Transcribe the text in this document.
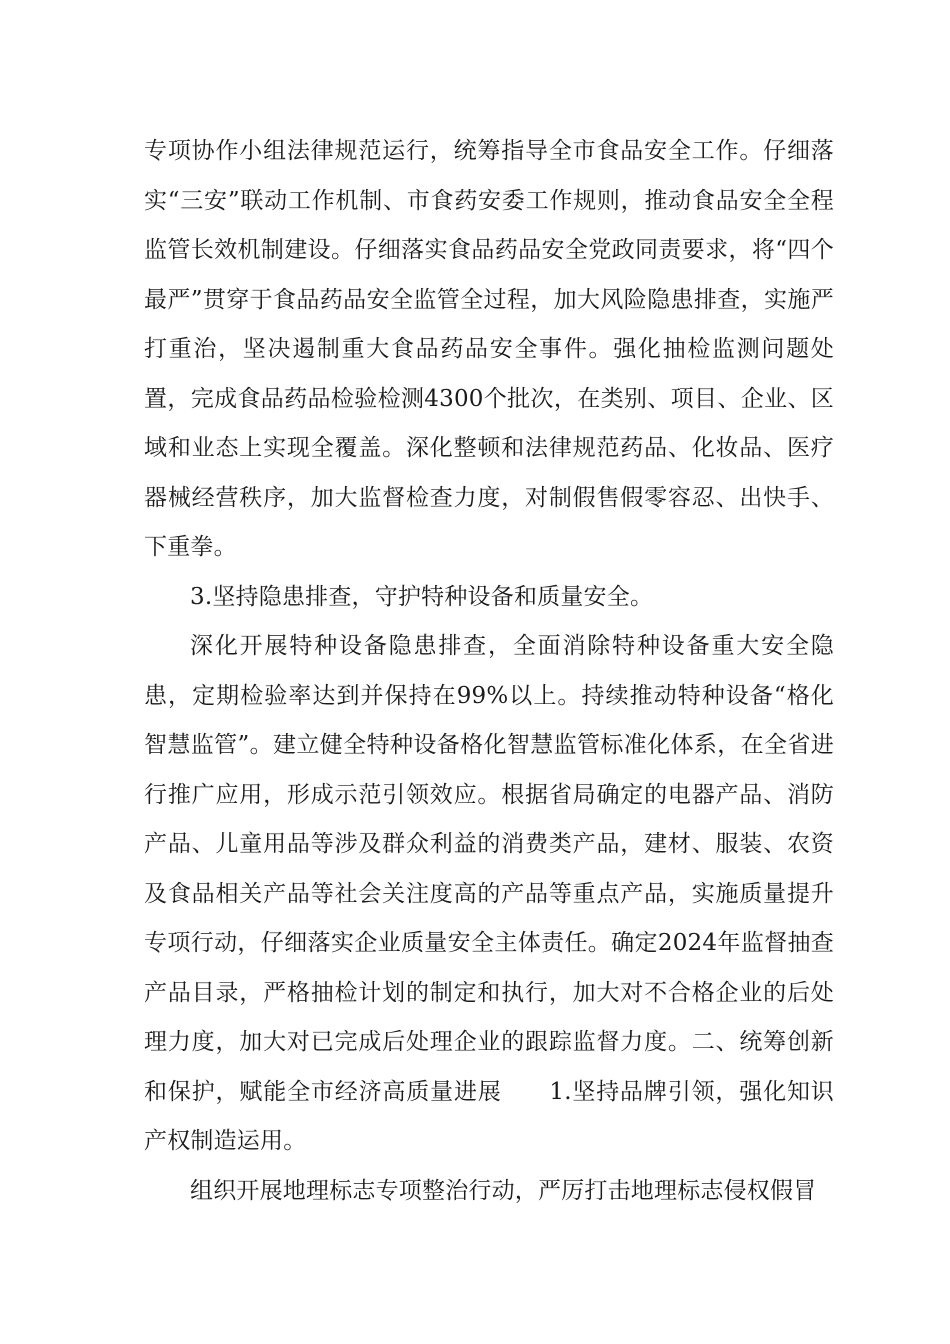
专项协作小组法律规范运行，统筹指导全市食品安全工作。仔细落实“三安”联动工作机制、市食药安委工作规则，推动食品安全全程监管长效机制建设。仔细落实食品药品安全党政同责要求，将“四个最严”贯穿于食品药品安全监管全过程，加大风险隐患排查，实施严打重治，坚决遏制重大食品药品安全事件。强化抽检监测问题处置，完成食品药品检验检测4300个批次，在类别、项目、企业、区域和业态上实现全覆盖。深化整顿和法律规范药品、化妆品、医疗器械经营秩序，加大监督检查力度，对制假售假零容忍、出快手、下重拳。

3.坚持隐患排查，守护特种设备和质量安全。

深化开展特种设备隐患排查，全面消除特种设备重大安全隐患，定期检验率达到并保持在99%以上。持续推动特种设备“格化智慧监管”。建立健全特种设备格化智慧监管标准化体系，在全省进行推广应用，形成示范引领效应。根据省局确定的电器产品、消防产品、儿童用品等涉及群众利益的消费类产品，建材、服装、农资及食品相关产品等社会关注度高的产品等重点产品，实施质量提升专项行动，仔细落实企业质量安全主体责任。确定2024年监督抽查产品目录，严格抽检计划的制定和执行，加大对不合格企业的后处理力度，加大对已完成后处理企业的跟踪监督力度。二、统筹创新和保护，赋能全市经济高质量进展　　1.坚持品牌引领，强化知识产权制造运用。

组织开展地理标志专项整治行动，严厉打击地理标志侵权假冒
